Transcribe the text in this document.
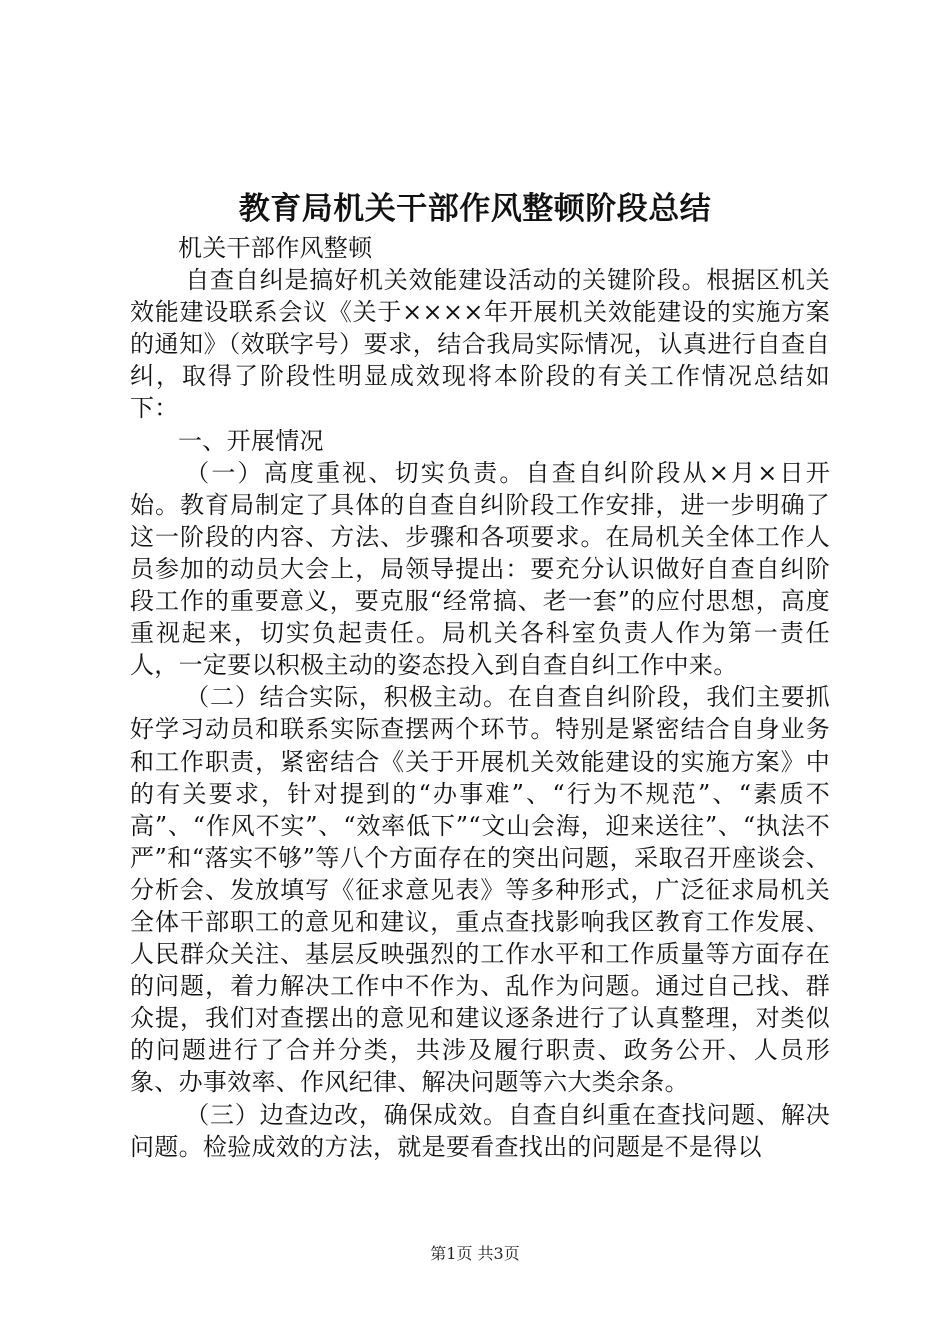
教育局机关干部作风整顿阶段总结

机关干部作风整顿

自查自纠是搞好机关效能建设活动的关键阶段。根据区机关效能建设联系会议《关于××××年开展机关效能建设的实施方案的通知》（效联字号）要求，结合我局实际情况，认真进行自查自纠，取得了阶段性明显成效现将本阶段的有关工作情况总结如下：

一、开展情况

（一）高度重视、切实负责。自查自纠阶段从×月×日开始。教育局制定了具体的自查自纠阶段工作安排，进一步明确了这一阶段的内容、方法、步骤和各项要求。在局机关全体工作人员参加的动员大会上，局领导提出：要充分认识做好自查自纠阶段工作的重要意义，要克服“经常搞、老一套”的应付思想，高度重视起来，切实负起责任。局机关各科室负责人作为第一责任人，一定要以积极主动的姿态投入到自查自纠工作中来。

（二）结合实际，积极主动。在自查自纠阶段，我们主要抓好学习动员和联系实际查摆两个环节。特别是紧密结合自身业务和工作职责，紧密结合《关于开展机关效能建设的实施方案》中的有关要求，针对提到的“办事难”、“行为不规范”、“素质不高”、“作风不实”、“效率低下”“文山会海，迎来送往”、“执法不严”和“落实不够”等八个方面存在的突出问题，采取召开座谈会、分析会、发放填写《征求意见表》等多种形式，广泛征求局机关全体干部职工的意见和建议，重点查找影响我区教育工作发展、人民群众关注、基层反映强烈的工作水平和工作质量等方面存在的问题，着力解决工作中不作为、乱作为问题。通过自己找、群众提，我们对查摆出的意见和建议逐条进行了认真整理，对类似的问题进行了合并分类，共涉及履行职责、政务公开、人员形象、办事效率、作风纪律、解决问题等六大类余条。

（三）边查边改，确保成效。自查自纠重在查找问题、解决问题。检验成效的方法，就是要看查找出的问题是不是得以

第1页 共3页
